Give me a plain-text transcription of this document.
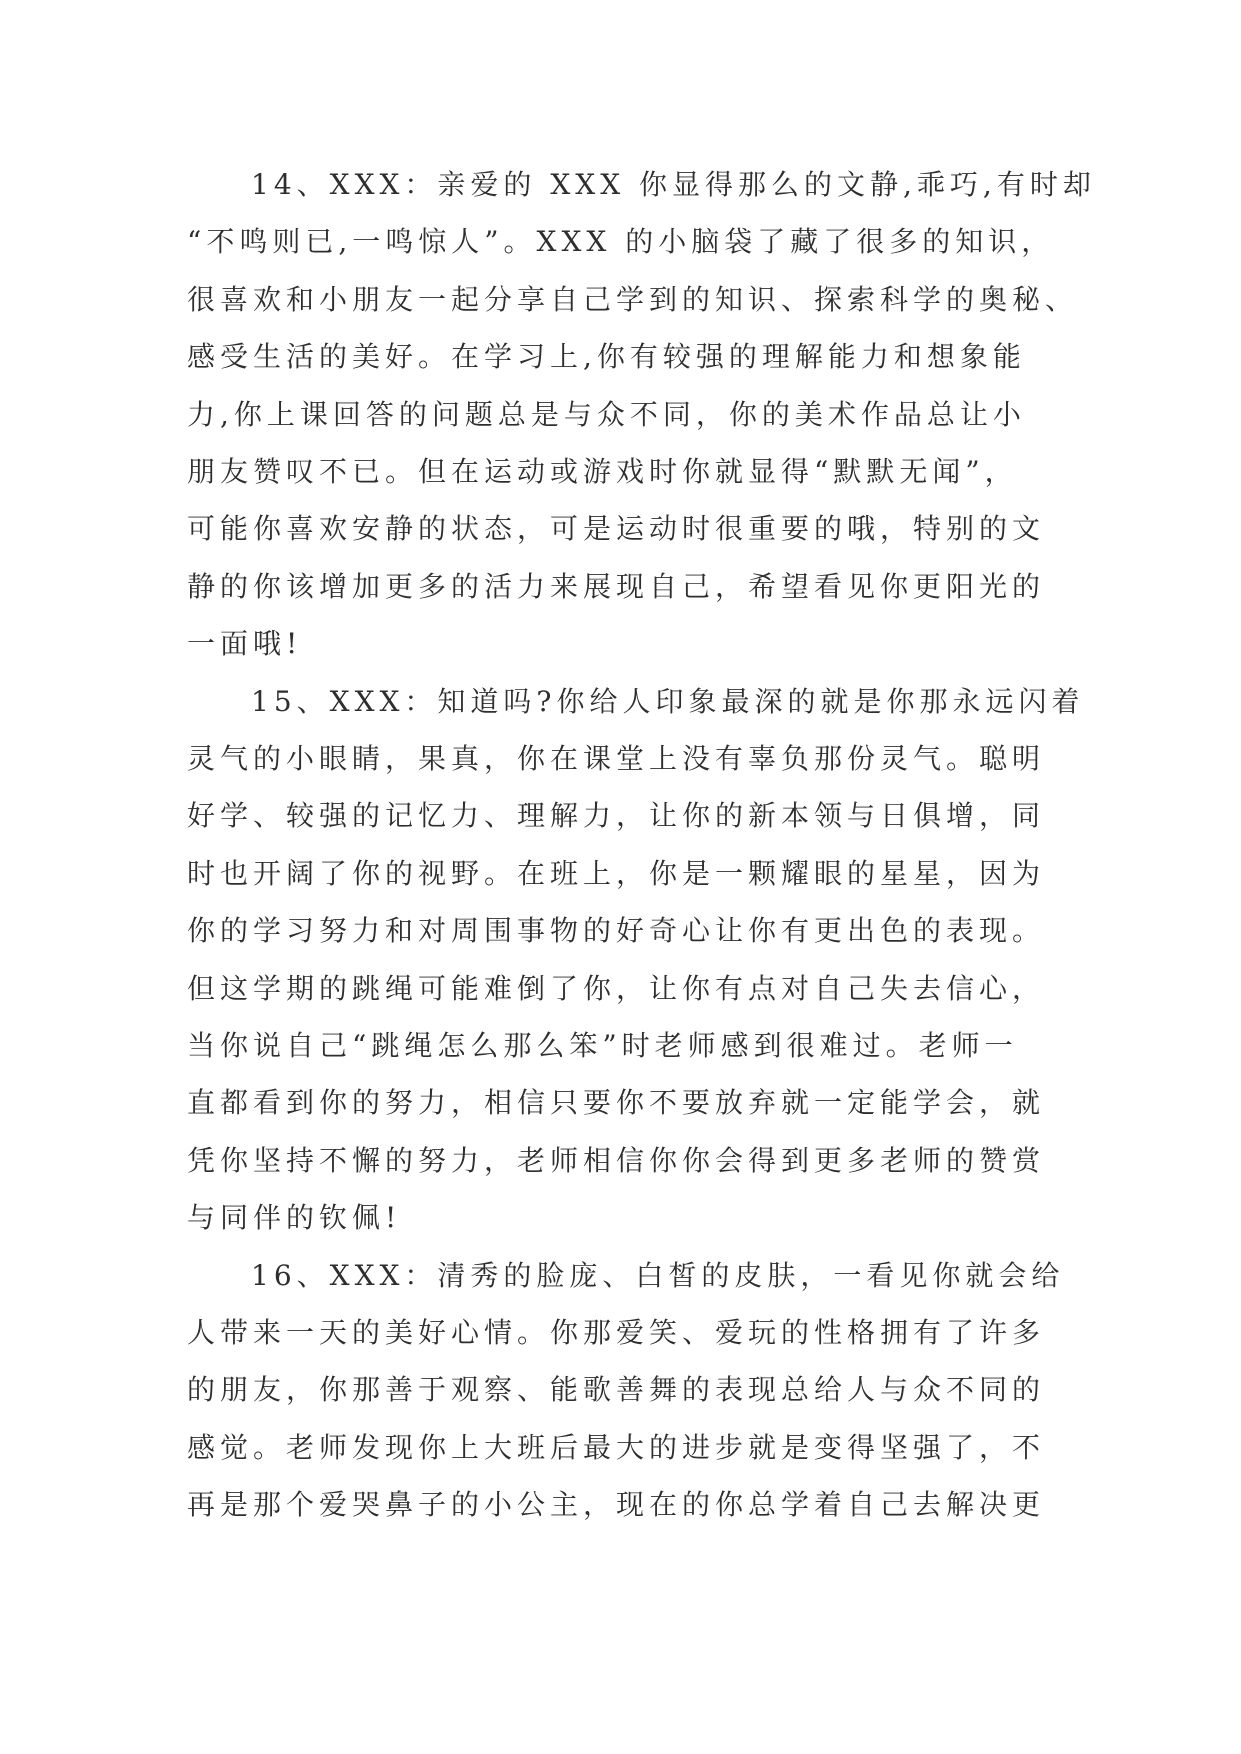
14、XXX：亲爱的 XXX 你显得那么的文静,乖巧,有时却
“不鸣则已,一鸣惊人”。XXX 的小脑袋了藏了很多的知识，
很喜欢和小朋友一起分享自己学到的知识、探索科学的奥秘、
感受生活的美好。在学习上,你有较强的理解能力和想象能
力,你上课回答的问题总是与众不同，你的美术作品总让小
朋友赞叹不已。但在运动或游戏时你就显得“默默无闻”，
可能你喜欢安静的状态，可是运动时很重要的哦，特别的文
静的你该增加更多的活力来展现自己，希望看见你更阳光的
一面哦!
15、XXX：知道吗?你给人印象最深的就是你那永远闪着
灵气的小眼睛，果真，你在课堂上没有辜负那份灵气。聪明
好学、较强的记忆力、理解力，让你的新本领与日俱增，同
时也开阔了你的视野。在班上，你是一颗耀眼的星星，因为
你的学习努力和对周围事物的好奇心让你有更出色的表现。
但这学期的跳绳可能难倒了你，让你有点对自己失去信心，
当你说自己“跳绳怎么那么笨”时老师感到很难过。老师一
直都看到你的努力，相信只要你不要放弃就一定能学会，就
凭你坚持不懈的努力，老师相信你你会得到更多老师的赞赏
与同伴的钦佩!
16、XXX：清秀的脸庞、白皙的皮肤，一看见你就会给
人带来一天的美好心情。你那爱笑、爱玩的性格拥有了许多
的朋友，你那善于观察、能歌善舞的表现总给人与众不同的
感觉。老师发现你上大班后最大的进步就是变得坚强了，不
再是那个爱哭鼻子的小公主，现在的你总学着自己去解决更
